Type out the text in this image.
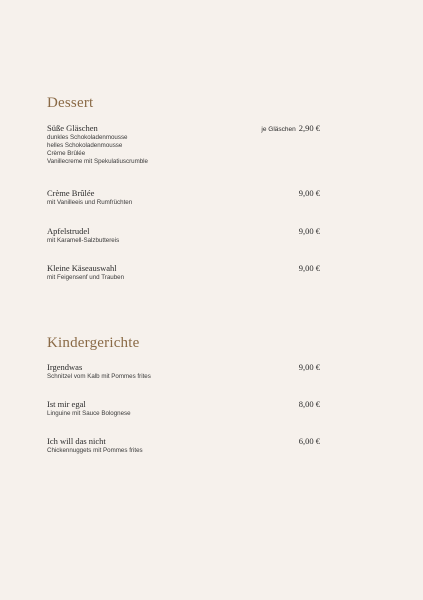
Dessert
Süße Gläschen	je Gläschen 2,90 €
dunkles Schokoladenmousse
helles Schokoladenmousse
Crème Brûlée
Vanillecreme mit Spekulatiuscrumble
Crème Brûlée	9,00 €
mit Vanilleeis und Rumfrüchten
Apfelstrudel	9,00 €
mit Karamell-Salzbuttereis
Kleine Käseauswahl	9,00 €
mit Feigensenf und Trauben
Kindergerichte
Irgendwas	9,00 €
Schnitzel vom Kalb mit Pommes frites
Ist mir egal	8,00 €
Linguine mit Sauce Bolognese
Ich will das nicht	6,00 €
Chickennuggets mit Pommes frites
